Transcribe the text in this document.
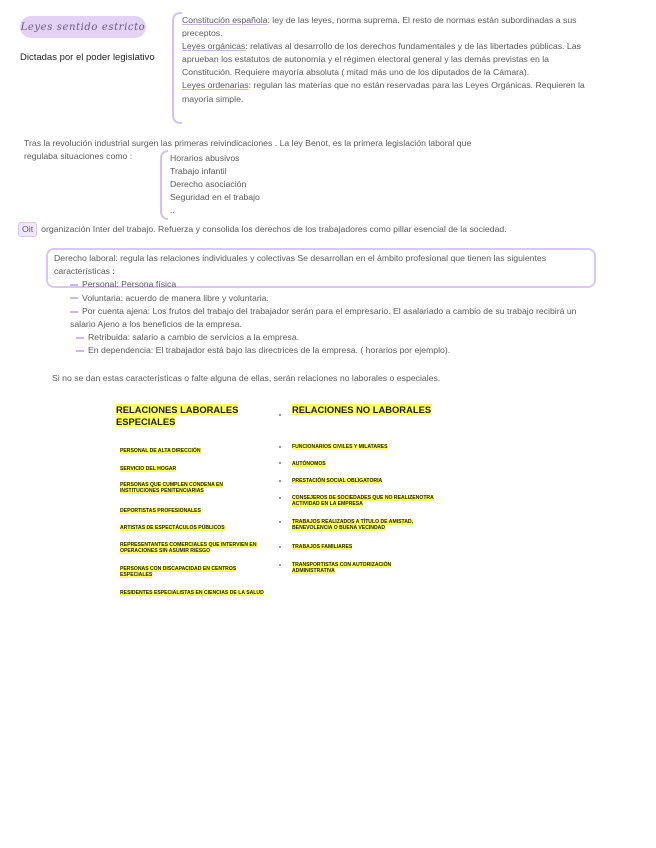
Leyes sentido estricto
Dictadas por el poder legislativo

Constitución española: ley de las leyes, norma suprema. El resto de normas están subordinadas a sus preceptos.

Leyes orgánicas: relativas al desarrollo de los derechos fundamentales y de las libertades públicas. Las aprueban los estatutos de autonomía y el régimen electoral general y las demás previstas en la Constitución. Requiere mayoría absoluta ( mitad más uno de los diputados de la Cámara).

Leyes ordenarias: regulan las materias que no están reservadas para las Leyes Orgánicas. Requieren la mayoría simple.

Tras la revolución industrial surgen las primeras reivindicaciones . La ley Benot, es la primera legislación laboral que

regulaba situaciones como :	Horarios abusivos
Trabajo infantil
Derecho asociación
Seguridad en el trabajo
..
Oit organización Inter del trabajo. Refuerza y consolida los derechos de los trabajadores como pillar esencial de la sociedad.

Derecho laboral: regula las relaciones individuales y colectivas Se desarrollan en el ámbito profesional que tienen las siguientes características :

Personal: Persona física
Voluntaria: acuerdo de manera libre y voluntaria.
Por cuenta ajena: Los frutos del trabajo del trabajador serán para el empresario. El asalariado a cambio de su trabajo recibirá un salario Ajeno a los beneficios de la empresa.
Retribuida: salario a cambio de servicios a la empresa.
En dependencia: El trabajador está bajo las directrices de la empresa. ( horarios por ejemplo).
Si no se dan estas características o falte alguna de ellas, serán relaciones no laborales o especiales.
RELACIONES LABORALES ESPECIALES
RELACIONES NO LABORALES
PERSONAL DE ALTA DIRECCIÓN
SERVICIO DEL HOGAR
PERSONAS QUE CUMPLEN CONDENA EN INSTITUCIONES PENITENCIARIAS
DEPORTISTAS PROFESIONALES
ARTISTAS DE ESPECTÁCULOS PÚBLICOS
REPRESENTANTES COMERCIALES QUE INTERVIEN EN OPERACIONES SIN ASUMIR RIESGO
PERSONAS CON DISCAPACIDAD EN CENTROS ESPECIALES
RESIDENTES ESPECIALISTAS EN CIENCIAS DE LA SALUD
FUNCIONARIOS CIVILES Y MILATARES
AUTÓNOMOS
PRESTACIÓN SOCIAL OBLIGATORIA
CONSEJEROS DE SOCIEDADES QUE NO REALIZENOTRA ACTIVIDAD EN LA EMPRESA
TRABAJOS REALIZADOS A TÍTULO DE AMISTAD, BENEVOLENCIA O BUENA VECINDAD
TRABAJOS FAMILIARES
TRANSPORTISTAS CON AUTORIZACIÓN ADMINISTRATIVA
